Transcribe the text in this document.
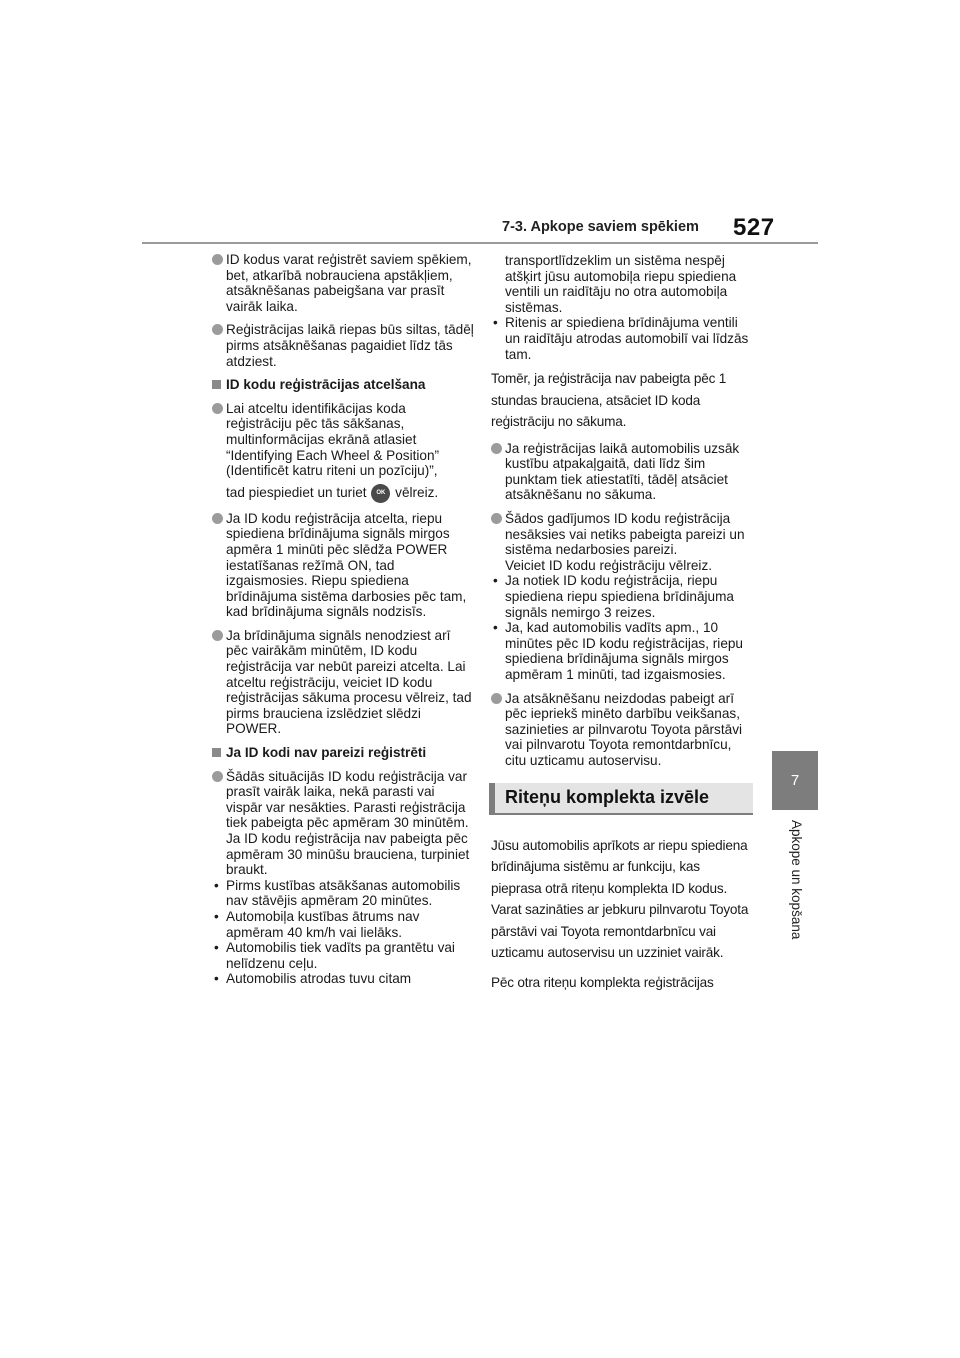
7-3. Apkope saviem spēkiem 527
7
Apkope un kopšana
ID kodus varat reģistrēt saviem spēkiem, bet, atkarībā nobrauciena apstākļiem, atsāknēšanas pabeigšana var prasīt vairāk laika.
Reģistrācijas laikā riepas būs siltas, tādēļ pirms atsāknēšanas pagaidiet līdz tās atdziest.
ID kodu reģistrācijas atcelšana
Lai atceltu identifikācijas koda reģistrāciju pēc tās sākšanas, multinformācijas ekrānā atlasiet “Identifying Each Wheel & Position” (Identificēt katru riteni un pozīciju)”,
tad piespiediet un turiet OK vēlreiz.
Ja ID kodu reģistrācija atcelta, riepu spiediena brīdinājuma signāls mirgos apmēra 1 minūti pēc slēdža POWER iestatīšanas režīmā ON, tad izgaismosies. Riepu spiediena brīdinājuma sistēma darbosies pēc tam, kad brīdinājuma signāls nodzisīs.
Ja brīdinājuma signāls nenodziest arī pēc vairākām minūtēm, ID kodu reģistrācija var nebūt pareizi atcelta. Lai atceltu reģistrāciju, veiciet ID kodu reģistrācijas sākuma procesu vēlreiz, tad pirms brauciena izslēdziet slēdzi POWER.
Ja ID kodi nav pareizi reģistrēti
Šādās situācijās ID kodu reģistrācija var prasīt vairāk laika, nekā parasti vai vispār var nesākties. Parasti reģistrācija tiek pabeigta pēc apmēram 30 minūtēm.
Ja ID kodu reģistrācija nav pabeigta pēc apmēram 30 minūšu brauciena, turpiniet braukt.
• Pirms kustības atsākšanas automobilis nav stāvējis apmēram 20 minūtes.
• Automobiļa kustības ātrums nav apmēram 40 km/h vai lielāks.
• Automobilis tiek vadīts pa grantētu vai nelīdzenu ceļu.
• Automobilis atrodas tuvu citam
transportlīdzeklim un sistēma nespēj atšķirt jūsu automobiļa riepu spiediena ventili un raidītāju no otra automobiļa sistēmas.
• Ritenis ar spiediena brīdinājuma ventili un raidītāju atrodas automobilī vai līdzās tam.
Tomēr, ja reģistrācija nav pabeigta pēc 1 stundas brauciena, atsāciet ID koda reģistrāciju no sākuma.
Ja reģistrācijas laikā automobilis uzsāk kustību atpakaļgaitā, dati līdz šim punktam tiek atiestatīti, tādēļ atsāciet atsāknēšanu no sākuma.
Šādos gadījumos ID kodu reģistrācija nesāksies vai netiks pabeigta pareizi un sistēma nedarbosies pareizi.
Veiciet ID kodu reģistrāciju vēlreiz.
• Ja notiek ID kodu reģistrācija, riepu spiediena riepu spiediena brīdinājuma signāls nemirgo 3 reizes.
• Ja, kad automobilis vadīts apm., 10 minūtes pēc ID kodu reģistrācijas, riepu spiediena brīdinājuma signāls mirgos apmēram 1 minūti, tad izgaismosies.
Ja atsāknēšanu neizdodas pabeigt arī pēc iepriekš minēto darbību veikšanas, sazinieties ar pilnvarotu Toyota pārstāvi vai pilnvarotu Toyota remontdarbnīcu, citu uzticamu autoservisu.
Riteņu komplekta izvēle
Jūsu automobilis aprīkots ar riepu spiediena brīdinājuma sistēmu ar funkciju, kas pieprasa otrā riteņu komplekta ID kodus. Varat sazināties ar jebkuru pilnvarotu Toyota pārstāvi vai Toyota remontdarbnīcu vai uzticamu autoservisu un uzziniet vairāk.
Pēc otra riteņu komplekta reģistrācijas
